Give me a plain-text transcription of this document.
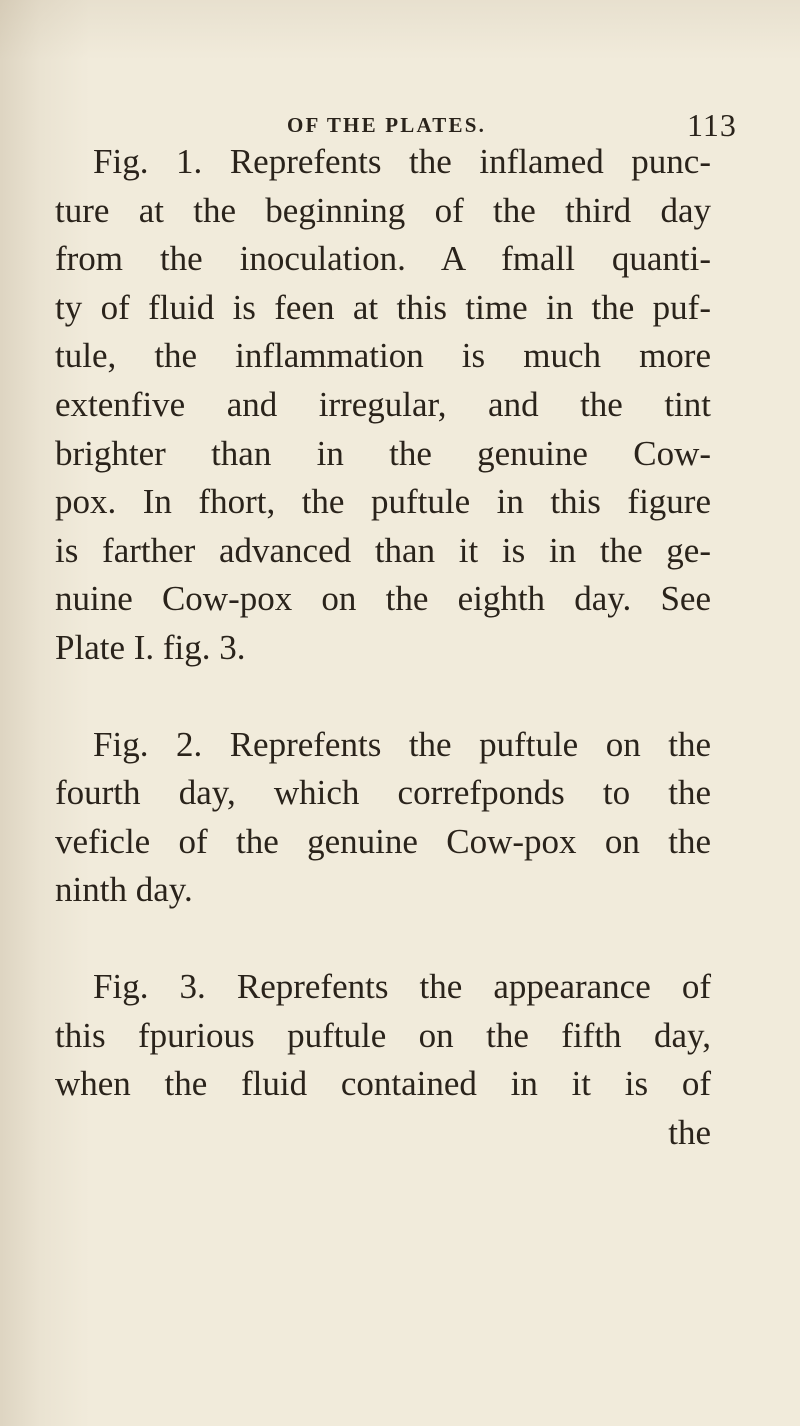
OF THE PLATES.	113
Fig. 1. Reprefents the inflamed punc-
ture at the beginning of the third day
from the inoculation. A fmall quanti-
ty of fluid is feen at this time in the puf-
tule, the inflammation is much more
extenfive and irregular, and the tint
brighter than in the genuine Cow-
pox. In fhort, the puftule in this figure
is farther advanced than it is in the ge-
nuine Cow-pox on the eighth day. See
Plate I. fig. 3.
Fig. 2. Reprefents the puftule on the
fourth day, which correfponds to the
veficle of the genuine Cow-pox on the
ninth day.
Fig. 3. Reprefents the appearance of
this fpurious puftule on the fifth day,
when the fluid contained in it is of
the
